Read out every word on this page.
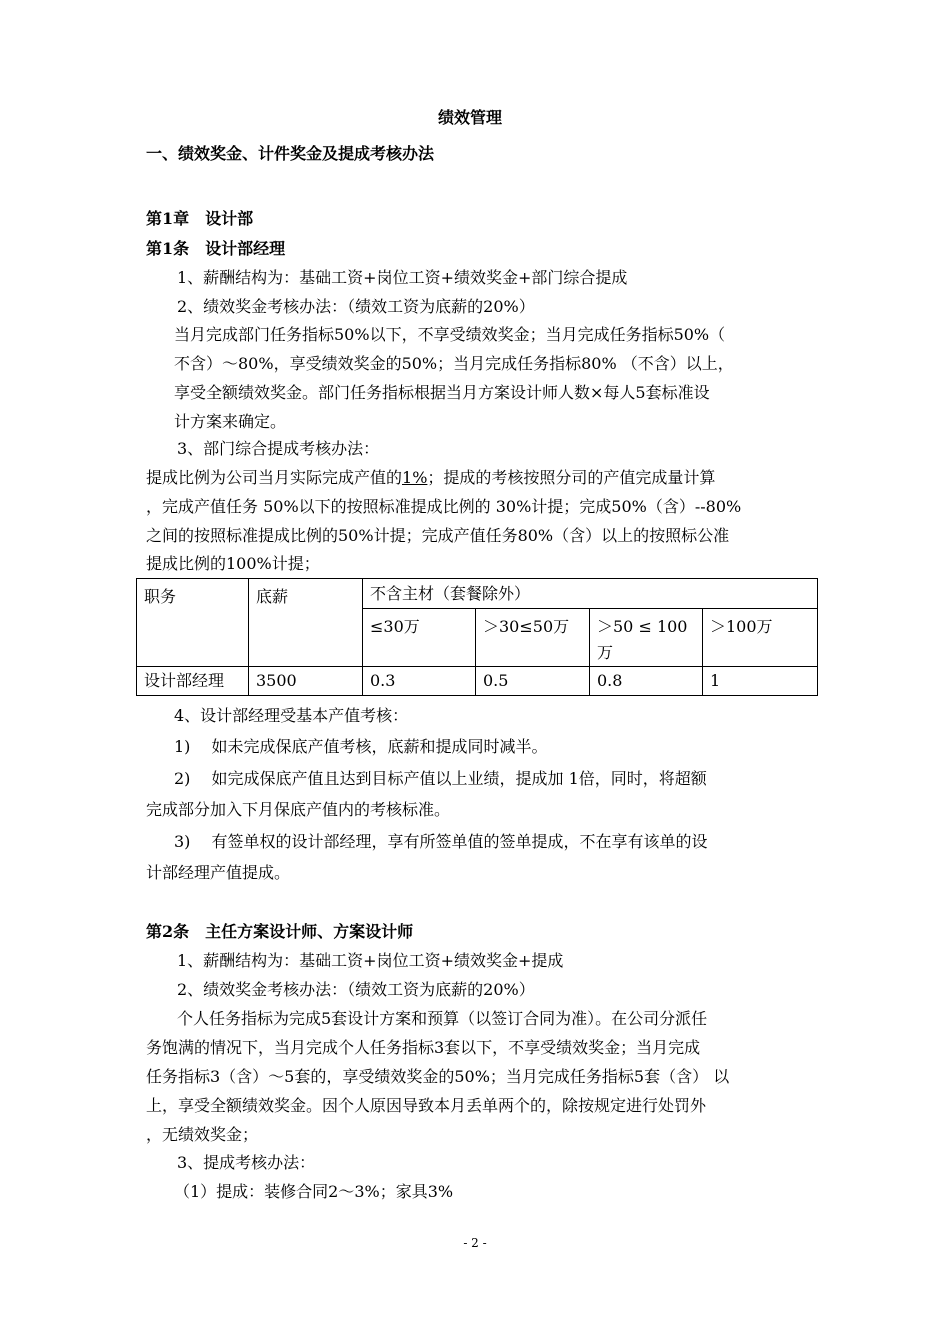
绩效管理
一、绩效奖金、计件奖金及提成考核办法
第1章　设计部
第1条　设计部经理
1、薪酬结构为：基础工资+岗位工资+绩效奖金+部门综合提成
2、绩效奖金考核办法：（绩效工资为底薪的20%）
当月完成部门任务指标50%以下，不享受绩效奖金；当月完成任务指标50%（
不含）～80%，享受绩效奖金的50%；当月完成任务指标80% （不含）以上，
享受全额绩效奖金。部门任务指标根据当月方案设计师人数×每人5套标准设
计方案来确定。
3、部门综合提成考核办法：
提成比例为公司当月实际完成产值的1%；提成的考核按照分司的产值完成量计算
，完成产值任务 50%以下的按照标准提成比例的 30%计提；完成50%（含）--80%
之间的按照标准提成比例的50%计提；完成产值任务80%（含）以上的按照标公准
提成比例的100%计提；
职务	底薪	不含主材（套餐除外）			
		≤30万	＞30≤50万	＞50 ≤ 100万	＞100万
设计部经理	3500	0.3	0.5	0.8	1
4、设计部经理受基本产值考核：
1)　 如未完成保底产值考核，底薪和提成同时减半。
2)　 如完成保底产值且达到目标产值以上业绩，提成加 1倍，同时，将超额
完成部分加入下月保底产值内的考核标准。
3)　 有签单权的设计部经理，享有所签单值的签单提成，不在享有该单的设
计部经理产值提成。
第2条　主任方案设计师、方案设计师
1、薪酬结构为：基础工资+岗位工资+绩效奖金+提成
2、绩效奖金考核办法：（绩效工资为底薪的20%）
个人任务指标为完成5套设计方案和预算（以签订合同为准）。在公司分派任
务饱满的情况下，当月完成个人任务指标3套以下，不享受绩效奖金；当月完成
任务指标3（含）～5套的，享受绩效奖金的50%；当月完成任务指标5套（含） 以
上，享受全额绩效奖金。因个人原因导致本月丢单两个的，除按规定进行处罚外
，无绩效奖金；
3、提成考核办法：
（1）提成：装修合同2～3%；家具3%
- 2 -
